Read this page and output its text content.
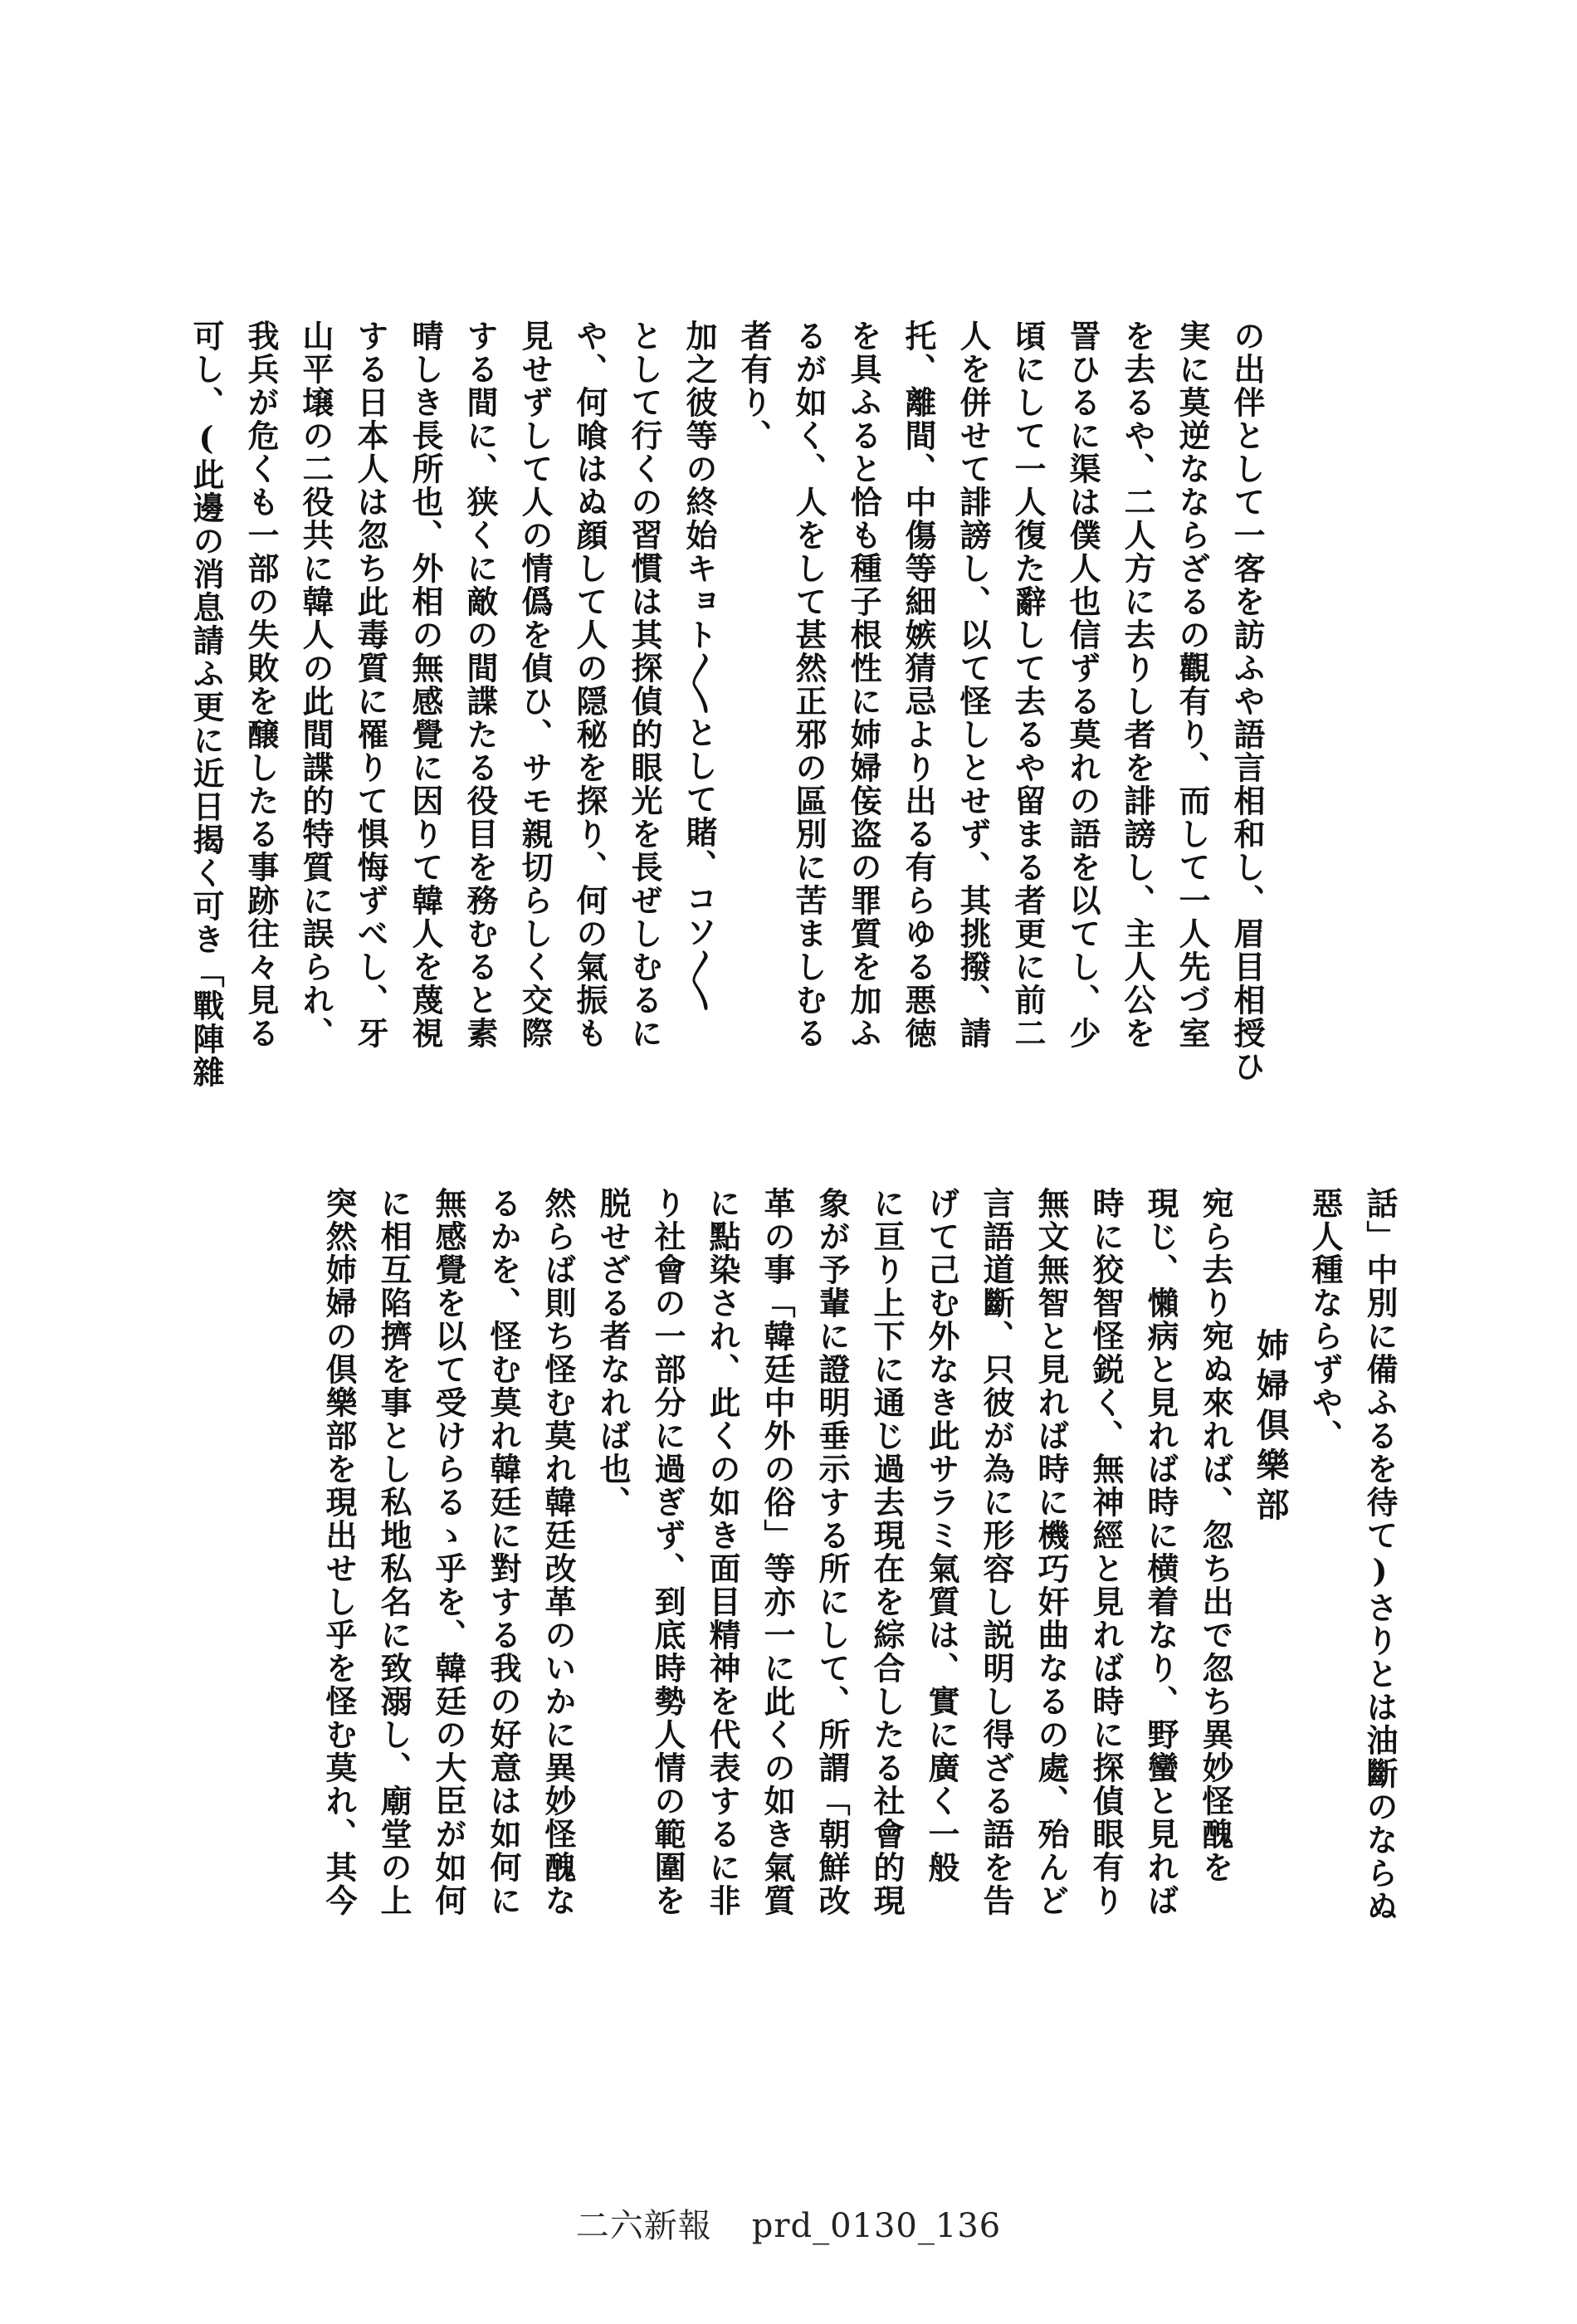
の出伴として一客を訪ふや語言相和し、眉目相授ひ
実に莫逆なならざるの觀有り、而して一人先づ室
を去るや、二人方に去りし者を誹謗し、主人公を
詈ひるに渠は僕人也信ずる莫れの語を以てし、少
頃にして一人復た辭して去るや留まる者更に前二
人を併せて誹謗し、以て怪しとせず、其挑撥、請
托、離間、中傷等細嫉猜忌より出る有らゆる悪徳
を具ふると恰も種子根性に姉婦侫盗の罪質を加ふ
るが如く、人をして甚然正邪の區別に苦ましむる
者有り、
加之彼等の終始キョト〳〵として賭、コソ〳〵
として行くの習慣は其探偵的眼光を長ぜしむるに
や、何喰はぬ顔して人の隠秘を探り、何の氣振も
見せずして人の情僞を偵ひ、サモ親切らしく交際
する間に、狭くに敵の間諜たる役目を務むると素
晴しき長所也、外相の無感覺に因りて韓人を蔑視
する日本人は忽ち此毒質に罹りて惧悔ずべし、牙
山平壌の二役共に韓人の此間諜的特質に誤られ、
我兵が危くも一部の失敗を醸したる事跡往々見る
可し、(此邊の消息請ふ更に近日揭く可き「戰陣雜
話」中別に備ふるを待て)さりとは油斷のならぬ
惡人種ならずや、
姉婦倶樂部
宛ら去り宛ぬ來れば、忽ち出で忽ち異妙怪醜を
現じ、懶病と見れば時に横着なり、野蠻と見れば
時に狡智怪鋭く、無神經と見れば時に探偵眼有り
無文無智と見れば時に機巧奸曲なるの處、殆んど
言語道斷、只彼が為に形容し説明し得ざる語を告
げて己む外なき此サラミ氣質は、實に廣く一般
に亘り上下に通じ過去現在を綜合したる社會的現
象が予輩に證明垂示する所にして、所謂「朝鮮改
革の事「韓廷中外の俗」等亦一に此くの如き氣質
に點染され、此くの如き面目精神を代表するに非
り社會の一部分に過ぎず、到底時勢人情の範圍を
脱せざる者なれば也、
然らば則ち怪む莫れ韓廷改革のいかに異妙怪醜な
るかを、怪む莫れ韓廷に對する我の好意は如何に
無感覺を以て受けらるゝ乎を、韓廷の大臣が如何
に相互陷擠を事とし私地私名に致溺し、廟堂の上
突然姉婦の倶樂部を現出せし乎を怪む莫れ、其今
二六新報 prd_0130_136
